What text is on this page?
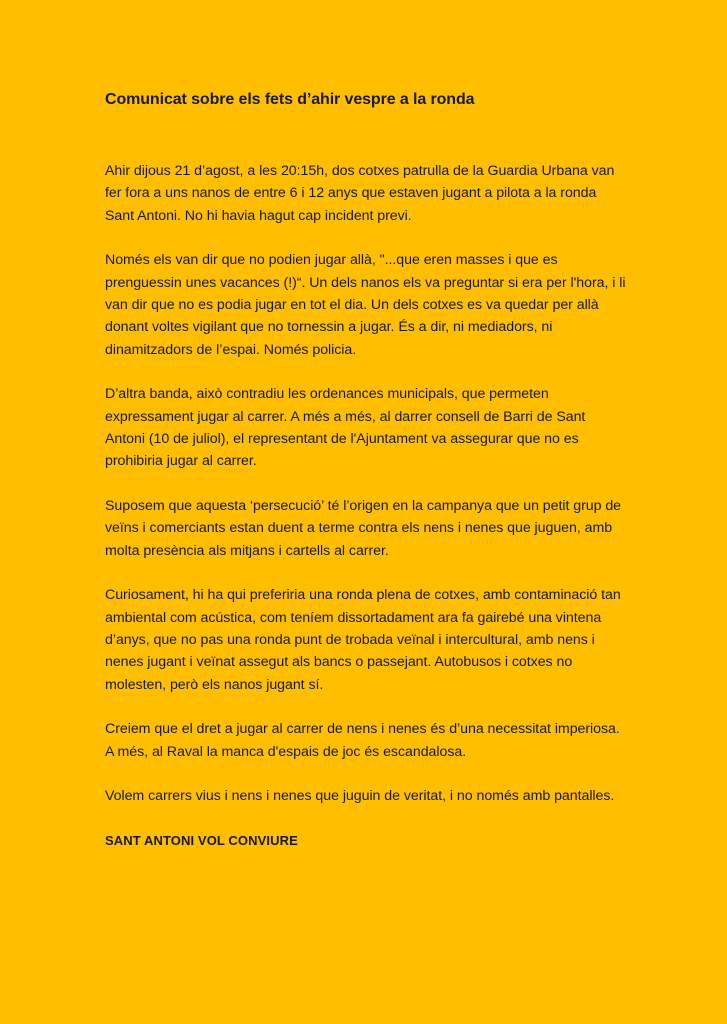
Comunicat sobre els fets d’ahir vespre a la ronda

Ahir dijous 21 d’agost, a les 20:15h, dos cotxes patrulla de la Guardia Urbana van fer fora a uns nanos de entre 6 i 12 anys que estaven jugant a pilota a la ronda Sant Antoni. No hi havia hagut cap incident previ.

Només els van dir que no podien jugar allà, "...que eren masses i que es prenguessin unes vacances (!)“. Un dels nanos els va preguntar si era per l'hora, i li van dir que no es podia jugar en tot el dia. Un dels cotxes es va quedar per allà donant voltes vigilant que no tornessin a jugar. És a dir, ni mediadors, ni dinamitzadors de l’espai. Només policia.

D’altra banda, això contradiu les ordenances municipals, que permeten expressament jugar al carrer. A més a més, al darrer consell de Barri de Sant Antoni (10 de juliol), el representant de l'Ajuntament va assegurar que no es prohibiria jugar al carrer.

Suposem que aquesta ‘persecució’ té l’origen en la campanya que un petit grup de veïns i comerciants estan duent a terme contra els nens i nenes que juguen, amb molta presència als mitjans i cartells al carrer.

Curiosament, hi ha qui preferiria una ronda plena de cotxes, amb contaminació tan ambiental com acústica, com teníem dissortadament ara fa gairebé una vintena d’anys, que no pas una ronda punt de trobada veïnal i intercultural, amb nens i nenes jugant i veïnat assegut als bancs o passejant. Autobusos i cotxes no molesten, però els nanos jugant sí.

Creiem que el dret a jugar al carrer de nens i nenes és d’una necessitat imperiosa. A més, al Raval la manca d'espais de joc és escandalosa.

Volem carrers vius i nens i nenes que juguin de veritat, i no només amb pantalles.

SANT ANTONI VOL CONVIURE
